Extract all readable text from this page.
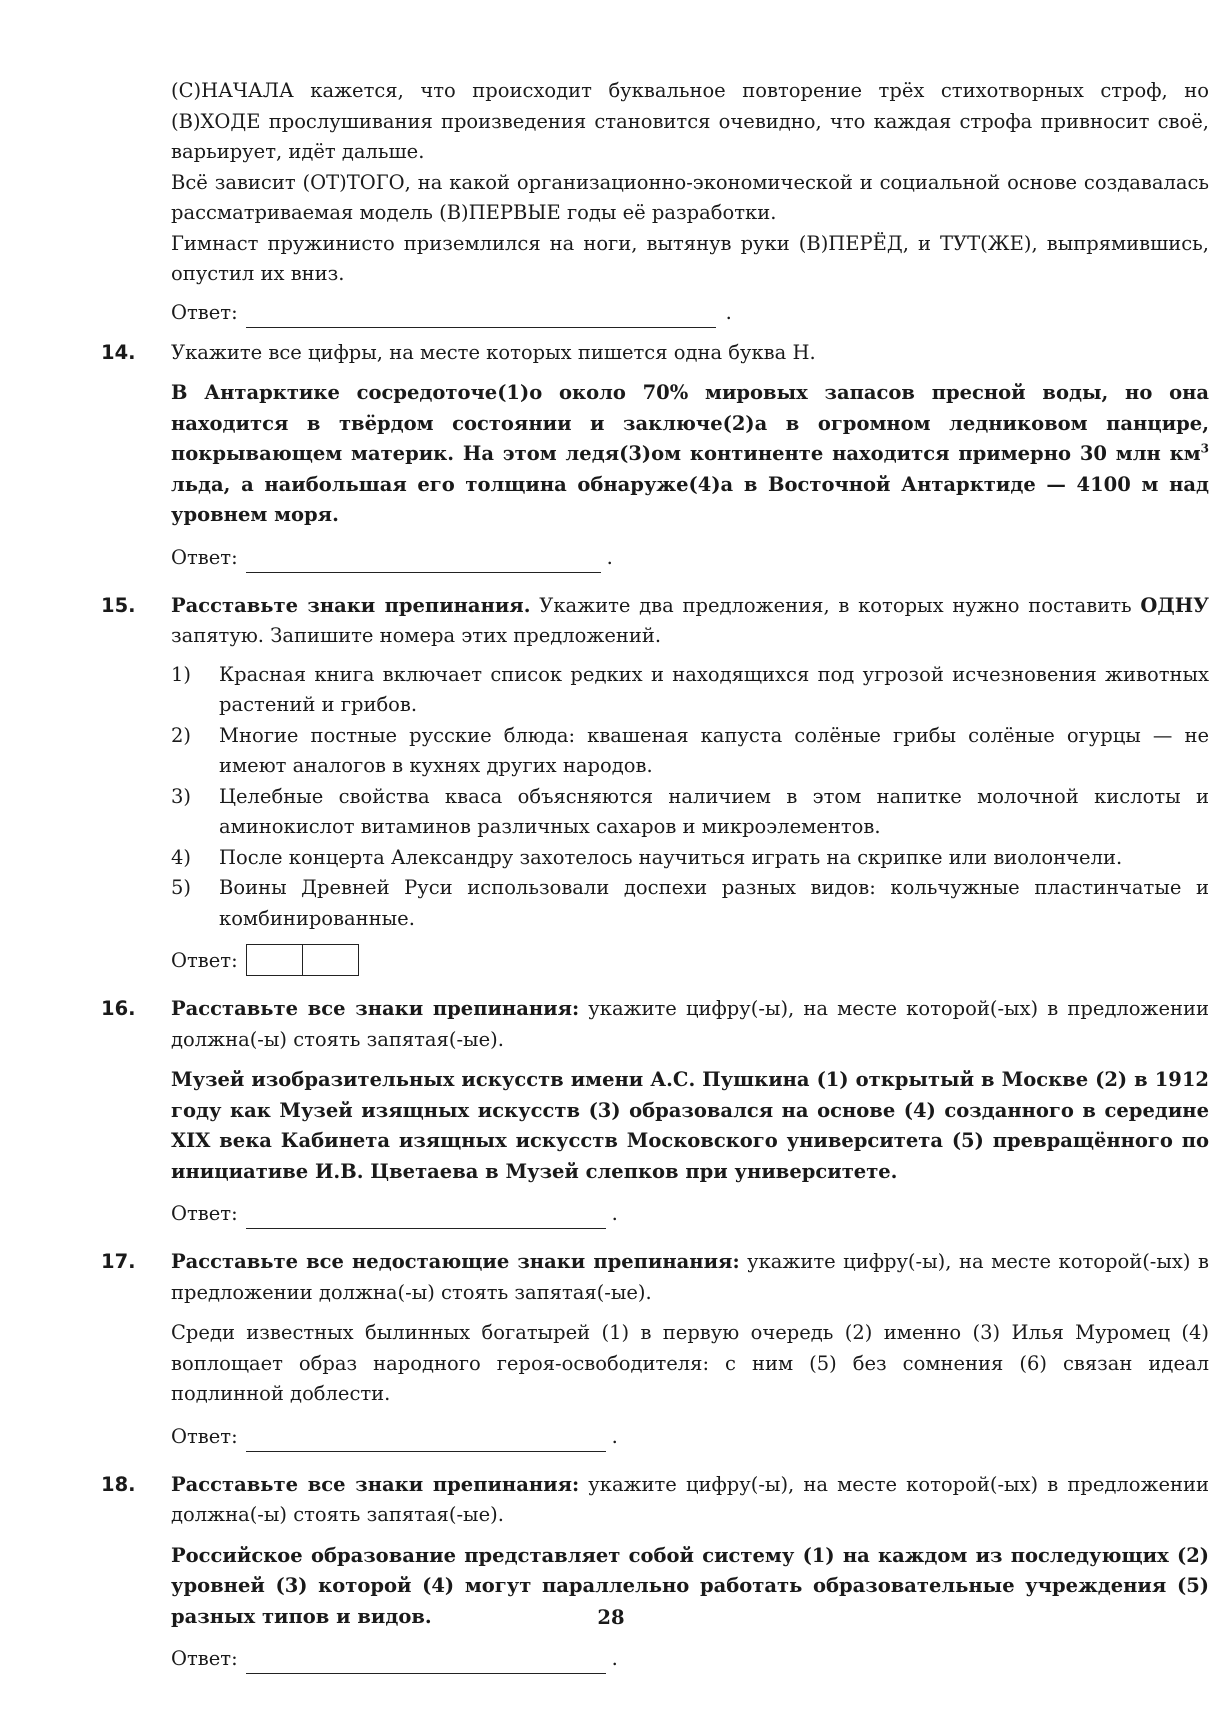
(С)НАЧАЛА кажется, что происходит буквальное повторение трёх стихотворных строф, но (В)ХОДЕ прослушивания произведения становится очевидно, что каждая строфа привносит своё, варьирует, идёт дальше.

Всё зависит (ОТ)ТОГО, на какой организационно-экономической и социальной основе создавалась рассматриваемая модель (В)ПЕРВЫЕ годы её разработки.

Гимнаст пружинисто приземлился на ноги, вытянув руки (В)ПЕРЁД, и ТУТ(ЖЕ), выпрямившись, опустил их вниз.

Ответ:	.
14. Укажите все цифры, на месте которых пишется одна буква Н.

В Антарктике сосредоточе(1)о около 70% мировых запасов пресной воды, но она находится в твёрдом состоянии и заключе(2)а в огромном ледниковом панцире, покрывающем материк. На этом ледя(3)ом континенте находится примерно 30 млн $км^3$ льда, а наибольшая его толщина обнаруже(4)а в Восточной Антарктиде — 4100 м над уровнем моря.

Ответ:	.
15. Расставьте знаки препинания. Укажите два предложения, в которых нужно поставить ОДНУ запятую. Запишите номера этих предложений.

1) Красная книга включает список редких и находящихся под угрозой исчезновения животных растений и грибов.

2) Многие постные русские блюда: квашеная капуста солёные грибы солёные огурцы — не имеют аналогов в кухнях других народов.

3) Целебные свойства кваса объясняются наличием в этом напитке молочной кислоты и аминокислот витаминов различных сахаров и микроэлементов.

4) После концерта Александру захотелось научиться играть на скрипке или виолончели.

5) Воины Древней Руси использовали доспехи разных видов: кольчужные пластинчатые и комбинированные.

Ответ:
16. Расставьте все знаки препинания: укажите цифру(-ы), на месте которой(-ых) в предложении должна(-ы) стоять запятая(-ые).

Музей изобразительных искусств имени А.С. Пушкина (1) открытый в Москве (2) в 1912 году как Музей изящных искусств (3) образовался на основе (4) созданного в середине XIX века Кабинета изящных искусств Московского университета (5) превращённого по инициативе И.В. Цветаева в Музей слепков при университете.

Ответ:	.
17. Расставьте все недостающие знаки препинания: укажите цифру(-ы), на месте которой(-ых) в предложении должна(-ы) стоять запятая(-ые).

Среди известных былинных богатырей (1) в первую очередь (2) именно (3) Илья Муромец (4) воплощает образ народного героя-освободителя: с ним (5) без сомнения (6) связан идеал подлинной доблести.

Ответ:	.
18. Расставьте все знаки препинания: укажите цифру(-ы), на месте которой(-ых) в предложении должна(-ы) стоять запятая(-ые).

Российское образование представляет собой систему (1) на каждом из последующих (2) уровней (3) которой (4) могут параллельно работать образовательные учреждения (5) разных типов и видов.

Ответ:	.
28
